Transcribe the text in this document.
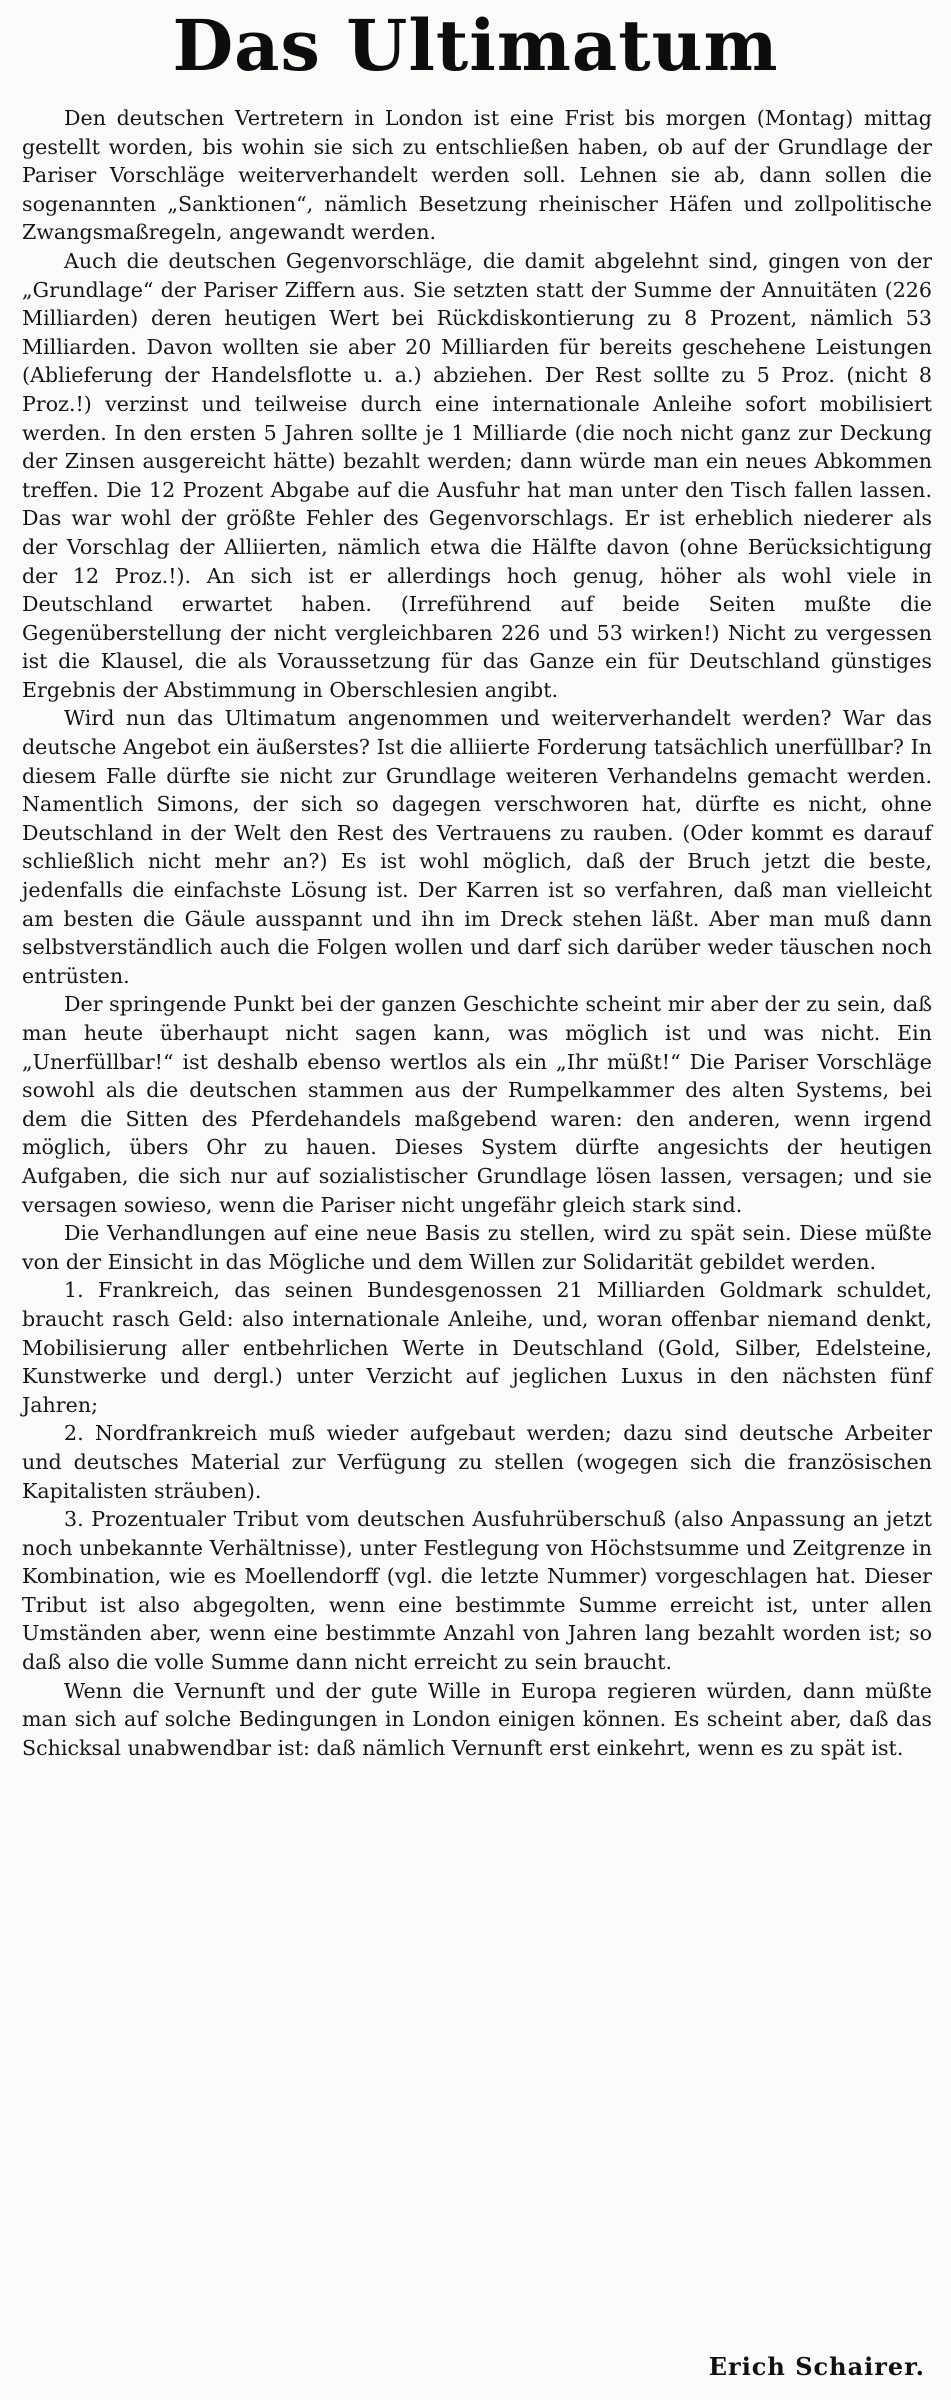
Das Ultimatum

Den deutschen Vertretern in London ist eine Frist bis morgen (Montag) mittag gestellt worden, bis wohin sie sich zu entschließen haben, ob auf der Grundlage der Pariser Vorschläge weiterverhandelt werden soll. Lehnen sie ab, dann sollen die sogenannten „Sanktionen“, nämlich Besetzung rheinischer Häfen und zollpolitische Zwangsmaßregeln, angewandt werden.

Auch die deutschen Gegenvorschläge, die damit abgelehnt sind, gingen von der „Grundlage“ der Pariser Ziffern aus. Sie setzten statt der Summe der Annuitäten (226 Milliarden) deren heutigen Wert bei Rückdiskontierung zu 8 Prozent, nämlich 53 Milliarden. Davon wollten sie aber 20 Milliarden für bereits geschehene Leistungen (Ablieferung der Handelsflotte u. a.) abziehen. Der Rest sollte zu 5 Proz. (nicht 8 Proz.!) verzinst und teilweise durch eine internationale Anleihe sofort mobilisiert werden. In den ersten 5 Jahren sollte je 1 Milliarde (die noch nicht ganz zur Deckung der Zinsen ausgereicht hätte) bezahlt werden; dann würde man ein neues Abkommen treffen. Die 12 Prozent Abgabe auf die Ausfuhr hat man unter den Tisch fallen lassen. Das war wohl der größte Fehler des Gegenvorschlags. Er ist erheblich niederer als der Vorschlag der Alliierten, nämlich etwa die Hälfte davon (ohne Berücksichtigung der 12 Proz.!). An sich ist er allerdings hoch genug, höher als wohl viele in Deutschland erwartet haben. (Irreführend auf beide Seiten mußte die Gegenüberstellung der nicht vergleichbaren 226 und 53 wirken!) Nicht zu vergessen ist die Klausel, die als Voraussetzung für das Ganze ein für Deutschland günstiges Ergebnis der Abstimmung in Oberschlesien angibt.

Wird nun das Ultimatum angenommen und weiterverhandelt werden? War das deutsche Angebot ein äußerstes? Ist die alliierte Forderung tatsächlich unerfüllbar? In diesem Falle dürfte sie nicht zur Grundlage weiteren Verhandelns gemacht werden. Namentlich Simons, der sich so dagegen verschworen hat, dürfte es nicht, ohne Deutschland in der Welt den Rest des Vertrauens zu rauben. (Oder kommt es darauf schließlich nicht mehr an?) Es ist wohl möglich, daß der Bruch jetzt die beste, jedenfalls die einfachste Lösung ist. Der Karren ist so verfahren, daß man vielleicht am besten die Gäule ausspannt und ihn im Dreck stehen läßt. Aber man muß dann selbstverständlich auch die Folgen wollen und darf sich darüber weder täuschen noch entrüsten.

Der springende Punkt bei der ganzen Geschichte scheint mir aber der zu sein, daß man heute überhaupt nicht sagen kann, was möglich ist und was nicht. Ein „Unerfüllbar!“ ist deshalb ebenso wertlos als ein „Ihr müßt!“ Die Pariser Vorschläge sowohl als die deutschen stammen aus der Rumpelkammer des alten Systems, bei dem die Sitten des Pferdehandels maßgebend waren: den anderen, wenn irgend möglich, übers Ohr zu hauen. Dieses System dürfte angesichts der heutigen Aufgaben, die sich nur auf sozialistischer Grundlage lösen lassen, versagen; und sie versagen sowieso, wenn die Pariser nicht ungefähr gleich stark sind.

Die Verhandlungen auf eine neue Basis zu stellen, wird zu spät sein. Diese müßte von der Einsicht in das Mögliche und dem Willen zur Solidarität gebildet werden.

1. Frankreich, das seinen Bundesgenossen 21 Milliarden Goldmark schuldet, braucht rasch Geld: also internationale Anleihe, und, woran offenbar niemand denkt, Mobilisierung aller entbehrlichen Werte in Deutschland (Gold, Silber, Edelsteine, Kunstwerke und dergl.) unter Verzicht auf jeglichen Luxus in den nächsten fünf Jahren;

2. Nordfrankreich muß wieder aufgebaut werden; dazu sind deutsche Arbeiter und deutsches Material zur Verfügung zu stellen (wogegen sich die französischen Kapitalisten sträuben).

3. Prozentualer Tribut vom deutschen Ausfuhrüberschuß (also Anpassung an jetzt noch unbekannte Verhältnisse), unter Festlegung von Höchstsumme und Zeitgrenze in Kombination, wie es Moellendorff (vgl. die letzte Nummer) vorgeschlagen hat. Dieser Tribut ist also abgegolten, wenn eine bestimmte Summe erreicht ist, unter allen Umständen aber, wenn eine bestimmte Anzahl von Jahren lang bezahlt worden ist; so daß also die volle Summe dann nicht erreicht zu sein braucht.

Wenn die Vernunft und der gute Wille in Europa regieren würden, dann müßte man sich auf solche Bedingungen in London einigen können. Es scheint aber, daß das Schicksal unabwendbar ist: daß nämlich Vernunft erst einkehrt, wenn es zu spät ist.

Erich Schairer.
